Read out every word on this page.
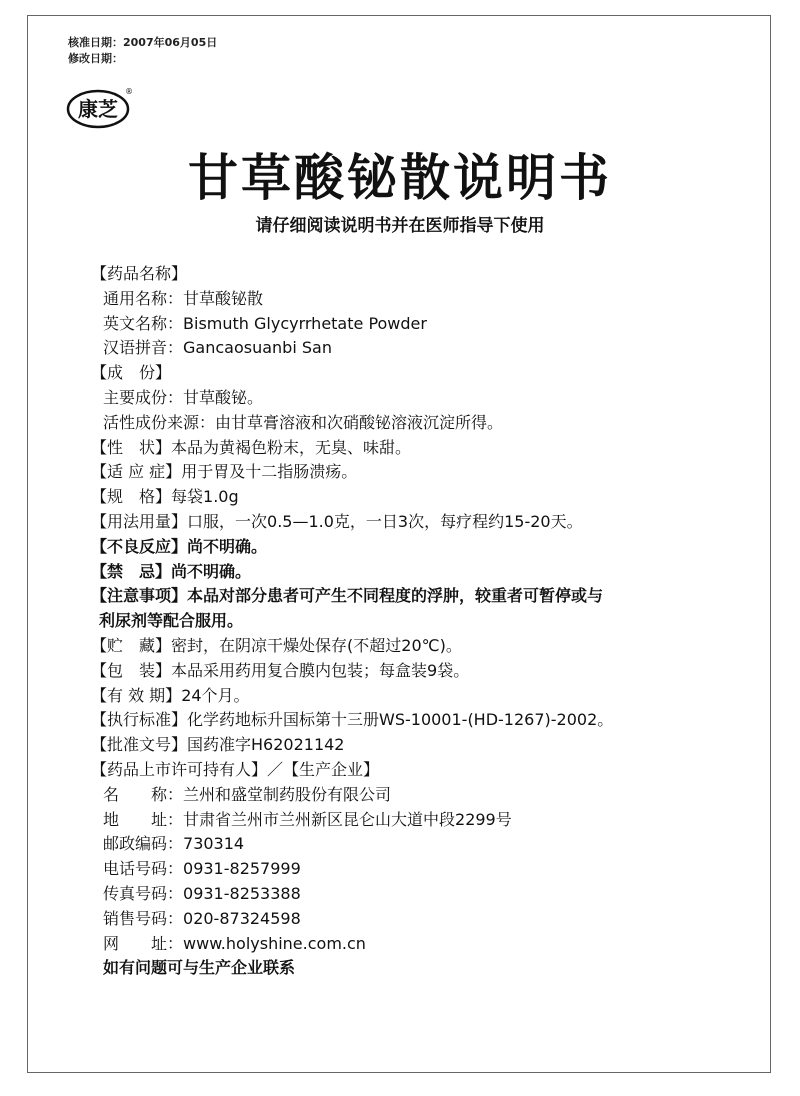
核准日期：2007年06月05日
修改日期：
康芝
®
甘草酸铋散说明书
请仔细阅读说明书并在医师指导下使用
【药品名称】
通用名称：甘草酸铋散
英文名称：Bismuth Glycyrrhetate Powder
汉语拼音：Gancaosuanbi San
【成　份】
主要成份：甘草酸铋。
活性成份来源：由甘草膏溶液和次硝酸铋溶液沉淀所得。
【性　状】本品为黄褐色粉末，无臭、味甜。
【适 应 症】用于胃及十二指肠溃疡。
【规　格】每袋1.0g
【用法用量】口服，一次0.5—1.0克，一日3次，每疗程约15-20天。
【不良反应】尚不明确。
【禁　忌】尚不明确。
【注意事项】本品对部分患者可产生不同程度的浮肿，较重者可暂停或与
利尿剂等配合服用。
【贮　藏】密封，在阴凉干燥处保存(不超过20℃)。
【包　装】本品采用药用复合膜内包装；每盒装9袋。
【有 效 期】24个月。
【执行标准】化学药地标升国标第十三册WS-10001-(HD-1267)-2002。
【批准文号】国药准字H62021142
【药品上市许可持有人】／【生产企业】
名　　称：兰州和盛堂制药股份有限公司
地　　址：甘肃省兰州市兰州新区昆仑山大道中段2299号
邮政编码：730314
电话号码：0931-8257999
传真号码：0931-8253388
销售号码：020-87324598
网　　址：www.holyshine.com.cn
如有问题可与生产企业联系
